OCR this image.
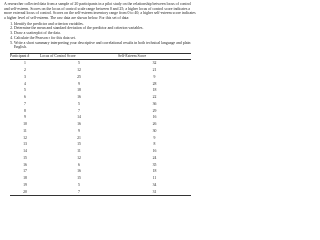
A researcher collected data from a sample of 20 participants in a pilot study on the relationship between locus of control and self-esteem. Scores on the locus of control scale range between 0 and 25; a higher locus of control score indicates a more external locus of control. Scores on the self-esteem inventory range from 0 to 40; a higher self-esteem score indicates a higher level of self-esteem. The raw data are shown below. For this set of data:

1. Identify the predictor and criterion variables.
2. Determine the mean and standard deviation of the predictor and criterion variables.
3. Draw a scatterplot of the data.
4. Calculate the Pearson r for this data set.
5. Write a short summary interpreting your descriptive and correlational results in both technical language and plain English.
Participant #	Locus of Control Score	Self-Esteem Score
1	5	32
2	12	21
3	25	9
4	9	28
5	18	18
6	16	22
7	5	36
8	7	29
9	14	16
10	16	26
11	9	30
12	21	9
13	15	8
14	11	16
15	12	24
16	6	35
17	16	18
18	15	11
19	5	34
20	7	31
